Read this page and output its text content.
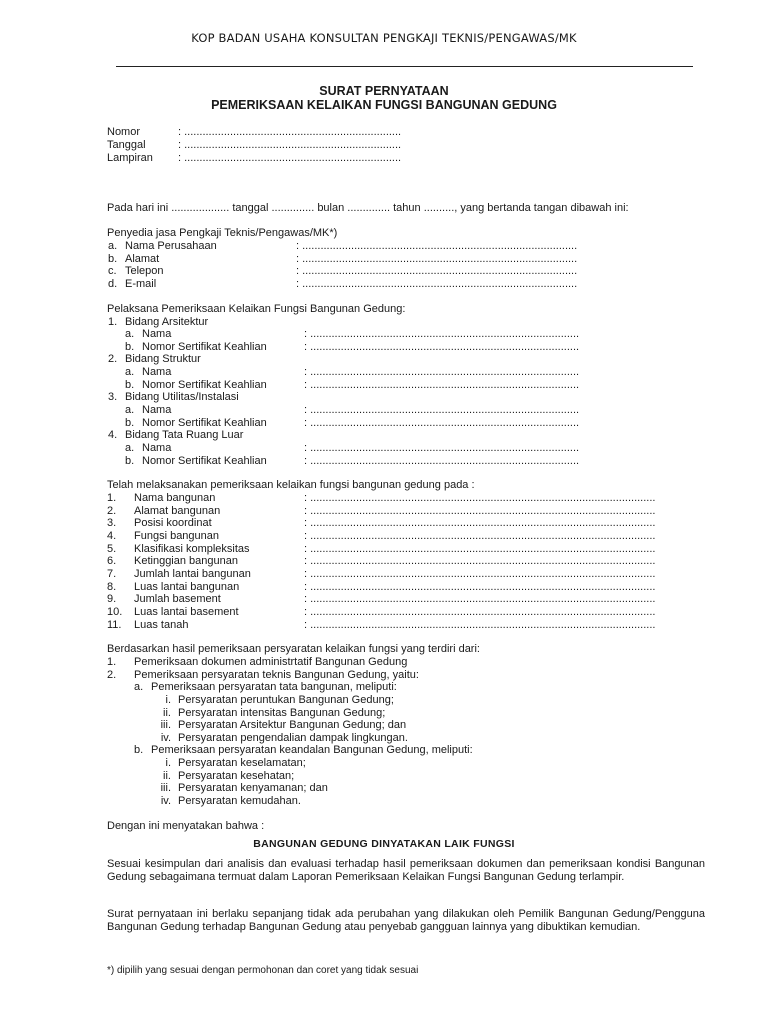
KOP BADAN USAHA KONSULTAN PENGKAJI TEKNIS/PENGAWAS/MK
SURAT PERNYATAAN
PEMERIKSAAN KELAIKAN FUNGSI BANGUNAN GEDUNG
Nomor	: .......................................................................
Tanggal	: .......................................................................
Lampiran : .......................................................................
Pada hari ini ................... tanggal .............. bulan .............. tahun .........., yang bertanda tangan dibawah ini:
Penyedia jasa Pengkaji Teknis/Pengawas/MK*)
a. Nama Perusahaan	: ..........................................................................................
b. Alamat	: ..........................................................................................
c. Telepon	: ..........................................................................................
d. E-mail	: ..........................................................................................
Pelaksana Pemeriksaan Kelaikan Fungsi Bangunan Gedung:
1. Bidang Arsitektur
a. Nama	: ........................................................................................
b. Nomor Sertifikat Keahlian	: ........................................................................................
2. Bidang Struktur
a. Nama	: ........................................................................................
b. Nomor Sertifikat Keahlian	: ........................................................................................
3. Bidang Utilitas/Instalasi
a. Nama	: ........................................................................................
b. Nomor Sertifikat Keahlian	: ........................................................................................
4. Bidang Tata Ruang Luar
a. Nama	: ........................................................................................
b. Nomor Sertifikat Keahlian	: ........................................................................................
Telah melaksanakan pemeriksaan kelaikan fungsi bangunan gedung pada :
1. Nama bangunan	: .................................................................................................................
2. Alamat bangunan	: .................................................................................................................
3. Posisi koordinat	: .................................................................................................................
4. Fungsi bangunan	: .................................................................................................................
5. Klasifikasi kompleksitas	: .................................................................................................................
6. Ketinggian bangunan	: .................................................................................................................
7. Jumlah lantai bangunan	: .................................................................................................................
8. Luas lantai bangunan	: .................................................................................................................
9. Jumlah basement	: .................................................................................................................
10. Luas lantai basement	: .................................................................................................................
11. Luas tanah	: .................................................................................................................
Berdasarkan hasil pemeriksaan persyaratan kelaikan fungsi yang terdiri dari:
1. Pemeriksaan dokumen administrtatif Bangunan Gedung
2. Pemeriksaan persyaratan teknis Bangunan Gedung, yaitu:
a. Pemeriksaan persyaratan tata bangunan, meliputi:
i. Persyaratan peruntukan Bangunan Gedung;
ii. Persyaratan intensitas Bangunan Gedung;
iii. Persyaratan Arsitektur Bangunan Gedung; dan
iv. Persyaratan pengendalian dampak lingkungan.
b. Pemeriksaan persyaratan keandalan Bangunan Gedung, meliputi:
i. Persyaratan keselamatan;
ii. Persyaratan kesehatan;
iii. Persyaratan kenyamanan; dan
iv. Persyaratan kemudahan.
Dengan ini menyatakan bahwa :
BANGUNAN GEDUNG DINYATAKAN LAIK FUNGSI
Sesuai kesimpulan dari analisis dan evaluasi terhadap hasil pemeriksaan dokumen dan pemeriksaan kondisi Bangunan Gedung sebagaimana termuat dalam Laporan Pemeriksaan Kelaikan Fungsi Bangunan Gedung terlampir.
Surat pernyataan ini berlaku sepanjang tidak ada perubahan yang dilakukan oleh Pemilik Bangunan Gedung/Pengguna Bangunan Gedung terhadap Bangunan Gedung atau penyebab gangguan lainnya yang dibuktikan kemudian.
*) dipilih yang sesuai dengan permohonan dan coret yang tidak sesuai
